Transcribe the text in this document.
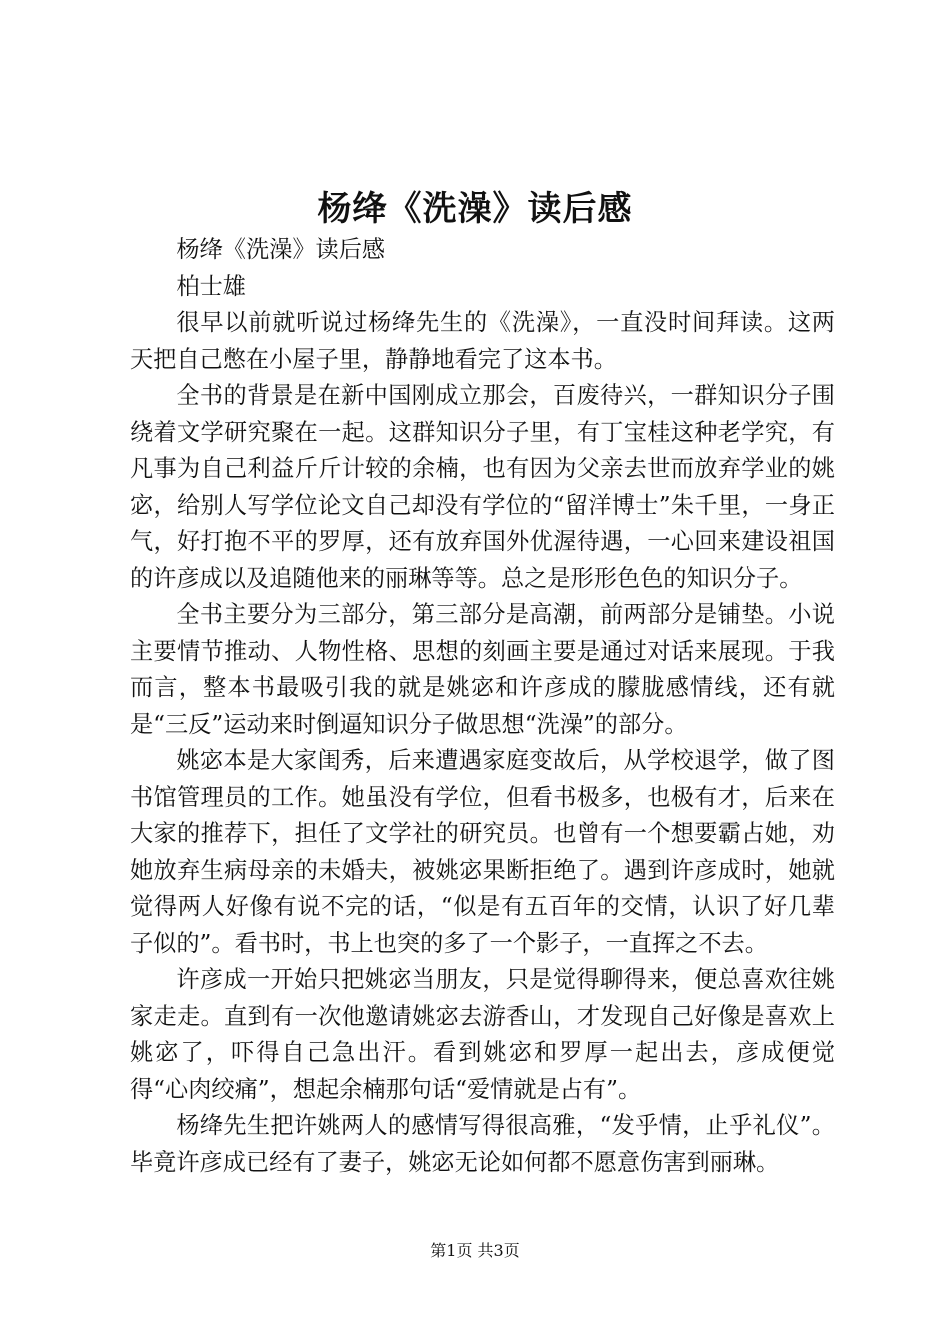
杨绛《洗澡》读后感

杨绛《洗澡》读后感

柏士雄

很早以前就听说过杨绛先生的《洗澡》，一直没时间拜读。这两天把自己憋在小屋子里，静静地看完了这本书。

全书的背景是在新中国刚成立那会，百废待兴，一群知识分子围绕着文学研究聚在一起。这群知识分子里，有丁宝桂这种老学究，有凡事为自己利益斤斤计较的余楠，也有因为父亲去世而放弃学业的姚宓，给别人写学位论文自己却没有学位的“留洋博士”朱千里，一身正气，好打抱不平的罗厚，还有放弃国外优渥待遇，一心回来建设祖国的许彦成以及追随他来的丽琳等等。总之是形形色色的知识分子。

全书主要分为三部分，第三部分是高潮，前两部分是铺垫。小说主要情节推动、人物性格、思想的刻画主要是通过对话来展现。于我而言，整本书最吸引我的就是姚宓和许彦成的朦胧感情线，还有就是“三反”运动来时倒逼知识分子做思想“洗澡”的部分。

姚宓本是大家闺秀，后来遭遇家庭变故后，从学校退学，做了图书馆管理员的工作。她虽没有学位，但看书极多，也极有才，后来在大家的推荐下，担任了文学社的研究员。也曾有一个想要霸占她，劝她放弃生病母亲的未婚夫，被姚宓果断拒绝了。遇到许彦成时，她就觉得两人好像有说不完的话，“似是有五百年的交情，认识了好几辈子似的”。看书时，书上也突的多了一个影子，一直挥之不去。

许彦成一开始只把姚宓当朋友，只是觉得聊得来，便总喜欢往姚家走走。直到有一次他邀请姚宓去游香山，才发现自己好像是喜欢上姚宓了，吓得自己急出汗。看到姚宓和罗厚一起出去，彦成便觉得“心肉绞痛”，想起余楠那句话“爱情就是占有”。

杨绛先生把许姚两人的感情写得很高雅，“发乎情，止乎礼仪”。毕竟许彦成已经有了妻子，姚宓无论如何都不愿意伤害到丽琳。

第1页 共3页
